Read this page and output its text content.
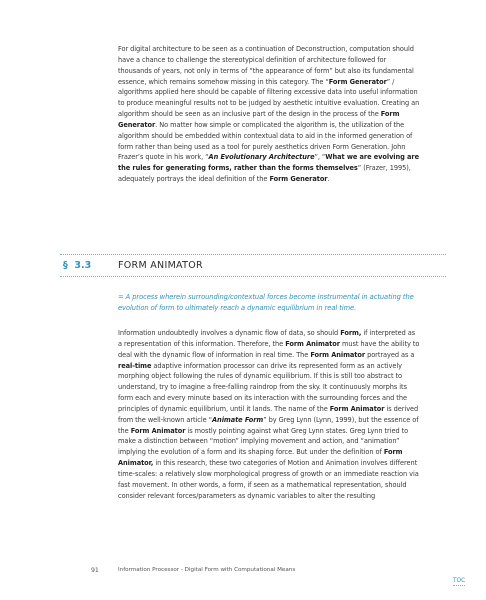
For digital architecture to be seen as a continuation of Deconstruction, computation should have a chance to challenge the stereotypical definition of architecture followed for thousands of years, not only in terms of “the appearance of form” but also its fundamental essence, which remains somehow missing in this category. The “Form Generator” / algorithms applied here should be capable of filtering excessive data into useful information to produce meaningful results not to be judged by aesthetic intuitive evaluation. Creating an algorithm should be seen as an inclusive part of the design in the process of the Form Generator. No matter how simple or complicated the algorithm is, the utilization of the algorithm should be embedded within contextual data to aid in the informed generation of form rather than being used as a tool for purely aesthetics driven Form Generation. John Frazer’s quote in his work, “An Evolutionary Architecture”, “What we are evolving are the rules for generating forms, rather than the forms themselves” (Frazer, 1995), adequately portrays the ideal definition of the Form Generator.

§ 3.3	FORM ANIMATOR

= A process wherein surrounding/contextual forces become instrumental in actuating the evolution of form to ultimately reach a dynamic equilibrium in real time.

Information undoubtedly involves a dynamic flow of data, so should Form, if interpreted as a representation of this information. Therefore, the Form Animator must have the ability to deal with the dynamic flow of information in real time. The Form Animator portrayed as a real-time adaptive information processor can drive its represented form as an actively morphing object following the rules of dynamic equilibrium. If this is still too abstract to understand, try to imagine a free-falling raindrop from the sky. It continuously morphs its form each and every minute based on its interaction with the surrounding forces and the principles of dynamic equilibrium, until it lands. The name of the Form Animator is derived from the well-known article “Animate Form” by Greg Lynn (Lynn, 1999), but the essence of the Form Animator is mostly pointing against what Greg Lynn states. Greg Lynn tried to make a distinction between “motion” implying movement and action, and “animation” implying the evolution of a form and its shaping force. But under the definition of Form Animator, in this research, these two categories of Motion and Animation involves different time-scales: a relatively slow morphological progress of growth or an immediate reaction via fast movement. In other words, a form, if seen as a mathematical representation, should consider relevant forces/parameters as dynamic variables to alter the resulting

91	Information Processor - Digital Form with Computational Means
TOC
